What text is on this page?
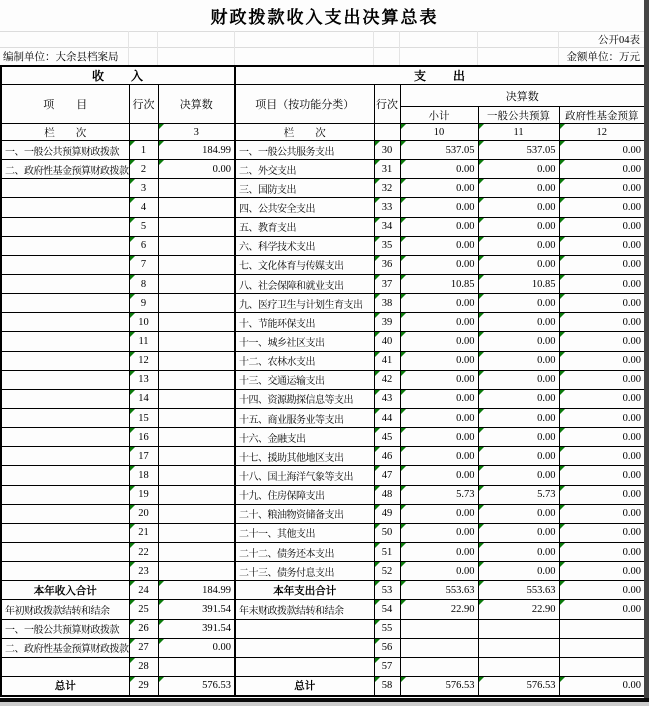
财政拨款收入支出决算总表
公开04表
编制单位：大余县档案局	金额单位：万元
收　　入			支　　出				
项　　目	行次	决算数	项目（按功能分类）	行次	决算数		
					小计	一般公共预算	政府性基金预算
栏　　次		3	栏　　次		10	11	12
一、一般公共预算财政拨款	1	184.99	一、一般公共服务支出	30	537.05	537.05	0.00
二、政府性基金预算财政拨款	2	0.00	二、外交支出	31	0.00	0.00	0.00
	3		三、国防支出	32	0.00	0.00	0.00
	4		四、公共安全支出	33	0.00	0.00	0.00
	5		五、教育支出	34	0.00	0.00	0.00
	6		六、科学技术支出	35	0.00	0.00	0.00
	7		七、文化体育与传媒支出	36	0.00	0.00	0.00
	8		八、社会保障和就业支出	37	10.85	10.85	0.00
	9		九、医疗卫生与计划生育支出	38	0.00	0.00	0.00
	10		十、节能环保支出	39	0.00	0.00	0.00
	11		十一、城乡社区支出	40	0.00	0.00	0.00
	12		十二、农林水支出	41	0.00	0.00	0.00
	13		十三、交通运输支出	42	0.00	0.00	0.00
	14		十四、资源勘探信息等支出	43	0.00	0.00	0.00
	15		十五、商业服务业等支出	44	0.00	0.00	0.00
	16		十六、金融支出	45	0.00	0.00	0.00
	17		十七、援助其他地区支出	46	0.00	0.00	0.00
	18		十八、国土海洋气象等支出	47	0.00	0.00	0.00
	19		十九、住房保障支出	48	5.73	5.73	0.00
	20		二十、粮油物资储备支出	49	0.00	0.00	0.00
	21		二十一、其他支出	50	0.00	0.00	0.00
	22		二十二、债务还本支出	51	0.00	0.00	0.00
	23		二十三、债务付息支出	52	0.00	0.00	0.00
本年收入合计	24	184.99	本年支出合计	53	553.63	553.63	0.00
年初财政拨款结转和结余	25	391.54	年末财政拨款结转和结余	54	22.90	22.90	0.00
一、一般公共预算财政拨款	26	391.54		55			
二、政府性基金预算财政拨款	27	0.00		56			
	28			57			
总计	29	576.53	总计	58	576.53	576.53	0.00
